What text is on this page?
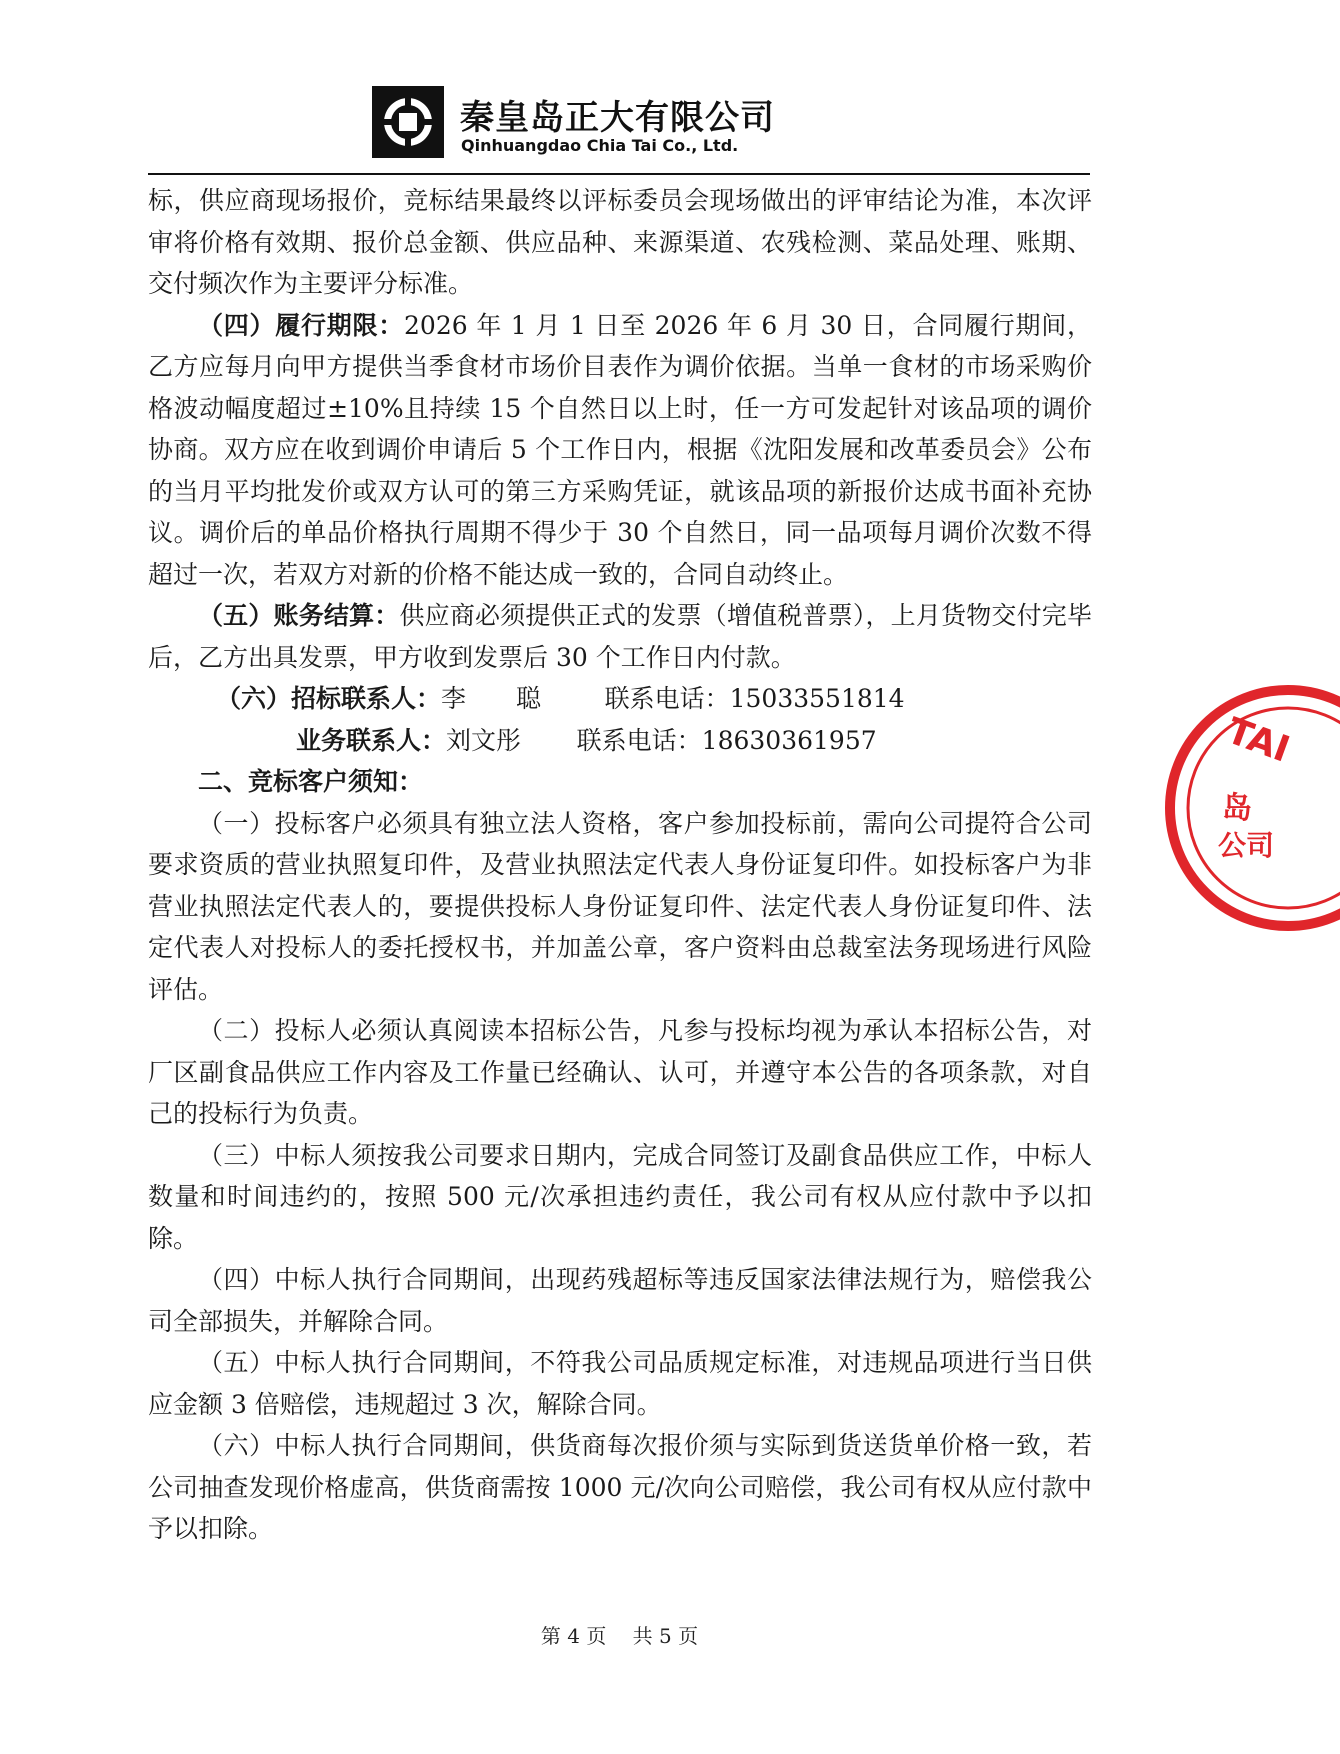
秦皇岛正大有限公司
Qinhuangdao Chia Tai Co., Ltd.

标，供应商现场报价，竞标结果最终以评标委员会现场做出的评审结论为准，本次评审将价格有效期、报价总金额、供应品种、来源渠道、农残检测、菜品处理、账期、交付频次作为主要评分标准。

（四）履行期限：2026 年 1 月 1 日至 2026 年 6 月 30 日，合同履行期间，乙方应每月向甲方提供当季食材市场价目表作为调价依据。当单一食材的市场采购价格波动幅度超过±10%且持续 15 个自然日以上时，任一方可发起针对该品项的调价协商。双方应在收到调价申请后 5 个工作日内，根据《沈阳发展和改革委员会》公布的当月平均批发价或双方认可的第三方采购凭证，就该品项的新报价达成书面补充协议。调价后的单品价格执行周期不得少于 30 个自然日，同一品项每月调价次数不得超过一次，若双方对新的价格不能达成一致的，合同自动终止。

（五）账务结算：供应商必须提供正式的发票（增值税普票），上月货物交付完毕后，乙方出具发票，甲方收到发票后 30 个工作日内付款。

（六）招标联系人：李　　聪	联系电话：15033551814

业务联系人：刘文彤 联系电话：18630361957

二、竞标客户须知：

（一）投标客户必须具有独立法人资格，客户参加投标前，需向公司提符合公司要求资质的营业执照复印件，及营业执照法定代表人身份证复印件。如投标客户为非营业执照法定代表人的，要提供投标人身份证复印件、法定代表人身份证复印件、法定代表人对投标人的委托授权书，并加盖公章，客户资料由总裁室法务现场进行风险评估。

（二）投标人必须认真阅读本招标公告，凡参与投标均视为承认本招标公告，对厂区副食品供应工作内容及工作量已经确认、认可，并遵守本公告的各项条款，对自己的投标行为负责。

（三）中标人须按我公司要求日期内，完成合同签订及副食品供应工作，中标人数量和时间违约的，按照 500 元/次承担违约责任，我公司有权从应付款中予以扣除。

（四）中标人执行合同期间，出现药残超标等违反国家法律法规行为，赔偿我公司全部损失，并解除合同。

（五）中标人执行合同期间，不符我公司品质规定标准，对违规品项进行当日供应金额 3 倍赔偿，违规超过 3 次，解除合同。

（六）中标人执行合同期间，供货商每次报价须与实际到货送货单价格一致，若公司抽查发现价格虚高，供货商需按 1000 元/次向公司赔偿，我公司有权从应付款中予以扣除。

第 4 页　 共 5 页
TAI
岛
公司
